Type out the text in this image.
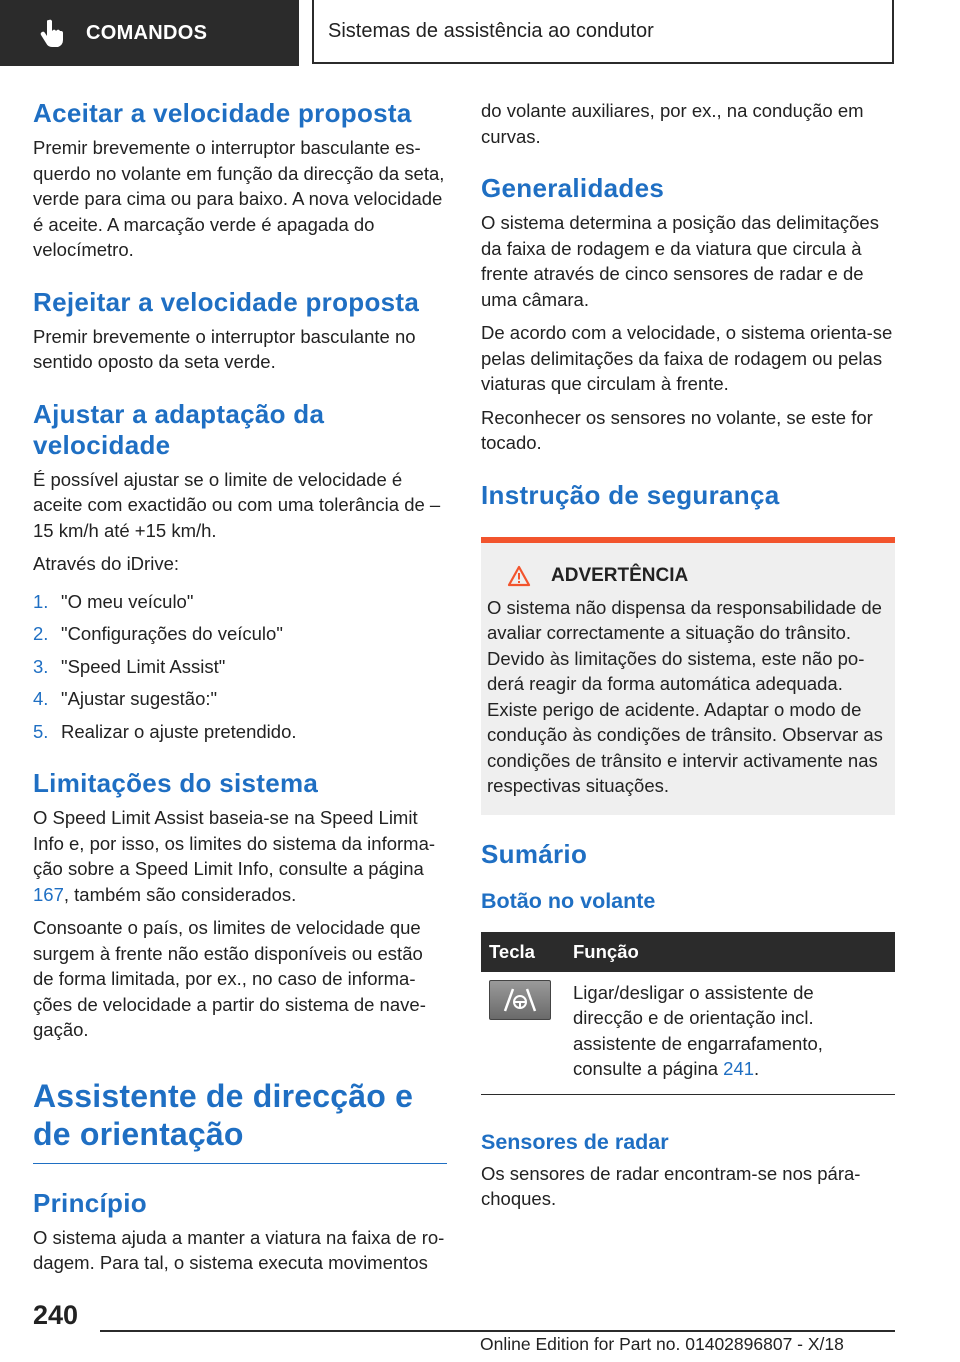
COMANDOS	Sistemas de assistência ao condutor
Aceitar a velocidade proposta

Premir brevemente o interruptor basculante esquerdo no volante em função da direcção da seta, verde para cima ou para baixo. A nova velocidade é aceite. A marcação verde é apagada do velocímetro.

Rejeitar a velocidade proposta

Premir brevemente o interruptor basculante no sentido oposto da seta verde.

Ajustar a adaptação da velocidade

É possível ajustar se o limite de velocidade é aceite com exactidão ou com uma tolerância de –15 km/h até +15 km/h.

Através do iDrive:

1. "O meu veículo"
2. "Configurações do veículo"
3. "Speed Limit Assist"
4. "Ajustar sugestão:"
5. Realizar o ajuste pretendido.
Limitações do sistema

O Speed Limit Assist baseia-se na Speed Limit Info e, por isso, os limites do sistema da informação sobre a Speed Limit Info, consulte a página 167, também são considerados.

Consoante o país, os limites de velocidade que surgem à frente não estão disponíveis ou estão de forma limitada, por ex., no caso de informações de velocidade a partir do sistema de navegação.

Assistente de direcção e de orientação
Princípio

O sistema ajuda a manter a viatura na faixa de rodagem. Para tal, o sistema executa movimentos

do volante auxiliares, por ex., na condução em curvas.

Generalidades

O sistema determina a posição das delimitações da faixa de rodagem e da viatura que circula à frente através de cinco sensores de radar e de uma câmara.

De acordo com a velocidade, o sistema orienta-se pelas delimitações da faixa de rodagem ou pelas viaturas que circulam à frente.

Reconhecer os sensores no volante, se este for tocado.

Instrução de segurança
ADVERTÊNCIA

O sistema não dispensa da responsabilidade de avaliar correctamente a situação do trânsito. Devido às limitações do sistema, este não poderá reagir da forma automática adequada. Existe perigo de acidente. Adaptar o modo de condução às condições de trânsito. Observar as condições de trânsito e intervir activamente nas respectivas situações.

Sumário
Botão no volante
Tecla	Função

	Ligar/desligar o assistente de direcção e de orientação incl. assistente de engarrafamento, consulte a página 241.
Sensores de radar

Os sensores de radar encontram-se nos pára-choques.

240
Online Edition for Part no. 01402896807 - X/18
